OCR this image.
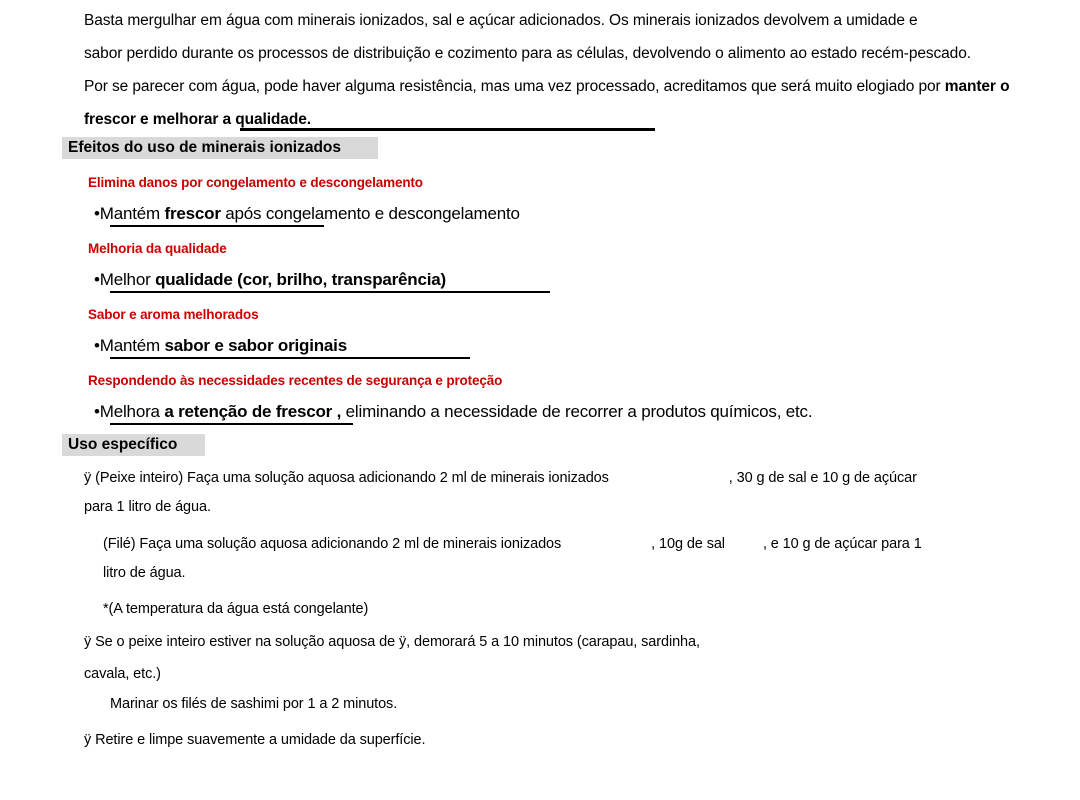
Basta mergulhar em água com minerais ionizados, sal e açúcar adicionados. Os minerais ionizados devolvem a umidade e
sabor perdido durante os processos de distribuição e cozimento para as células, devolvendo o alimento ao estado recém-pescado.
Por se parecer com água, pode haver alguma resistência, mas uma vez processado, acreditamos que será muito elogiado por manter o
frescor e melhorar a qualidade.
Efeitos do uso de minerais ionizados
Elimina danos por congelamento e descongelamento
•Mantém frescor após congelamento e descongelamento
Melhoria da qualidade
•Melhor qualidade (cor, brilho, transparência)
Sabor e aroma melhorados
•Mantém sabor e sabor originais
Respondendo às necessidades recentes de segurança e proteção
•Melhora a retenção de frescor , eliminando a necessidade de recorrer a produtos químicos, etc.
Uso específico
ÿ (Peixe inteiro) Faça uma solução aquosa adicionando 2 ml de minerais ionizados	, 30 g de sal e 10 g de açúcar
para 1 litro de água.
(Filé) Faça uma solução aquosa adicionando 2 ml de minerais ionizados	, 10g de sal	, e 10 g de açúcar para 1
litro de água.
*(A temperatura da água está congelante)
ÿ Se o peixe inteiro estiver na solução aquosa de ÿ, demorará 5 a 10 minutos (carapau, sardinha,
cavala, etc.)
Marinar os filés de sashimi por 1 a 2 minutos.
ÿ Retire e limpe suavemente a umidade da superfície.
